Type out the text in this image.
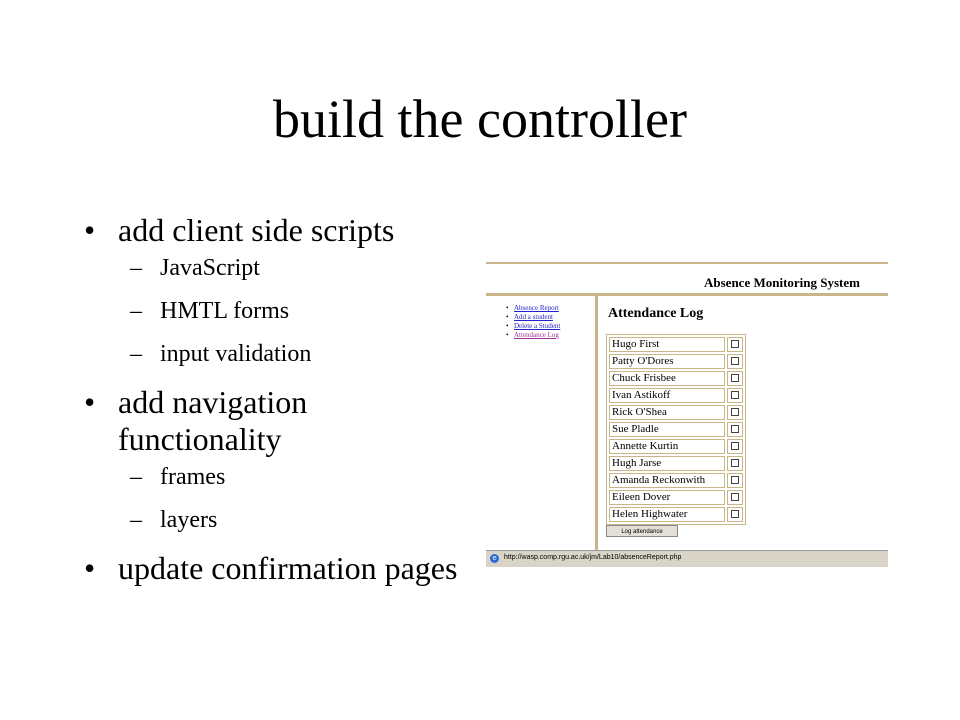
build the controller
• add client side scripts
– JavaScript
– HMTL forms
– input validation
• add navigation functionality
– frames
– layers
• update confirmation pages
Absence Monitoring System
• Absence Report
• Add a student
• Delete a Student
• Attendance Log
Attendance Log
Hugo First	
Patty O'Dores	
Chuck Frisbee	
Ivan Astikoff	
Rick O'Shea	
Sue Pladle	
Annette Kurtin	
Hugh Jarse	
Amanda Reckonwith	
Eileen Dover	
Helen Highwater	
Log attendance
e	http://wasp.comp.rgu.ac.uk/jm/Lab10/absenceReport.php
